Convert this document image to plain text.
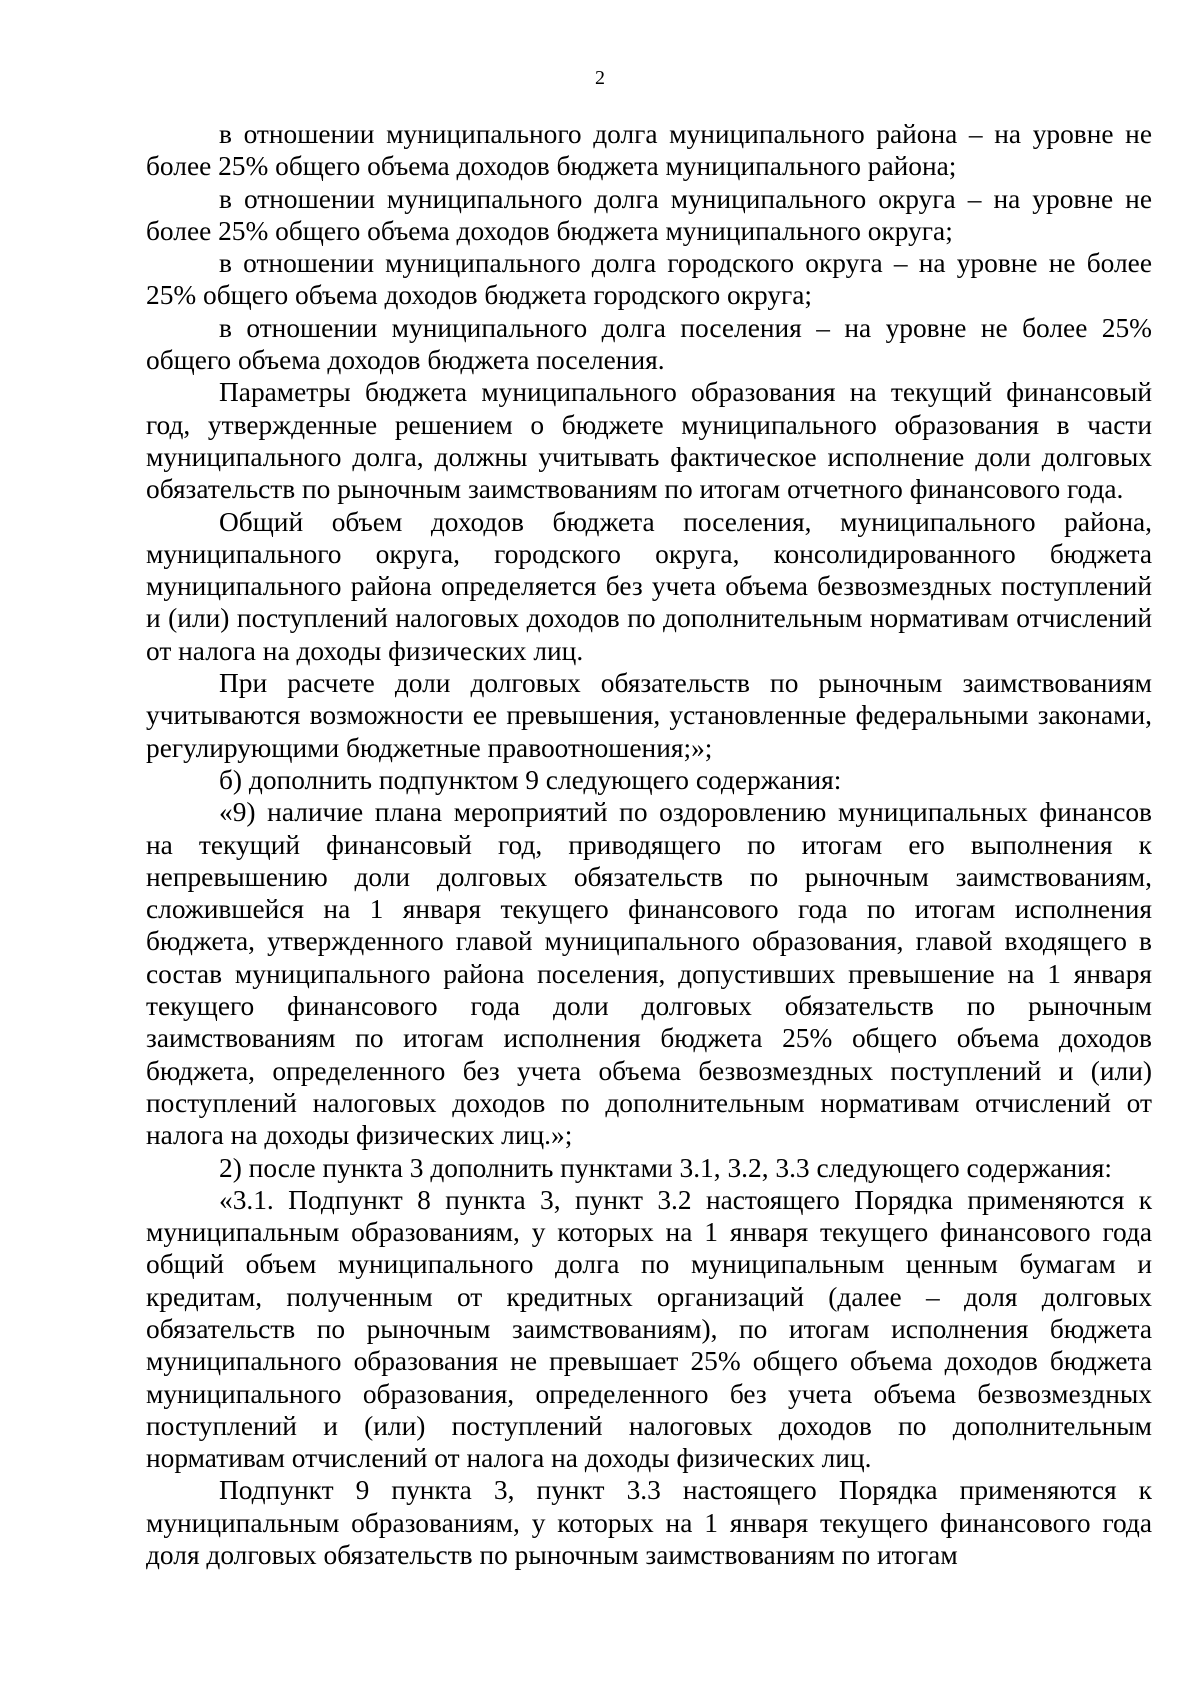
2

в отношении муниципального долга муниципального района – на уровне не более 25% общего объема доходов бюджета муниципального района;

в отношении муниципального долга муниципального округа – на уровне не более 25% общего объема доходов бюджета муниципального округа;

в отношении муниципального долга городского округа – на уровне не более 25% общего объема доходов бюджета городского округа;

в отношении муниципального долга поселения – на уровне не более 25% общего объема доходов бюджета поселения.

Параметры бюджета муниципального образования на текущий финансовый год, утвержденные решением о бюджете муниципального образования в части муниципального долга, должны учитывать фактическое исполнение доли долговых обязательств по рыночным заимствованиям по итогам отчетного финансового года.

Общий объем доходов бюджета поселения, муниципального района, муниципального округа, городского округа, консолидированного бюджета муниципального района определяется без учета объема безвозмездных поступлений и (или) поступлений налоговых доходов по дополнительным нормативам отчислений от налога на доходы физических лиц.

При расчете доли долговых обязательств по рыночным заимствованиям учитываются возможности ее превышения, установленные федеральными законами, регулирующими бюджетные правоотношения;»;

б) дополнить подпунктом 9 следующего содержания:

«9) наличие плана мероприятий по оздоровлению муниципальных финансов на текущий финансовый год, приводящего по итогам его выполнения к непревышению доли долговых обязательств по рыночным заимствованиям, сложившейся на 1 января текущего финансового года по итогам исполнения бюджета, утвержденного главой муниципального образования, главой входящего в состав муниципального района поселения, допустивших превышение на 1 января текущего финансового года доли долговых обязательств по рыночным заимствованиям по итогам исполнения бюджета 25% общего объема доходов бюджета, определенного без учета объема безвозмездных поступлений и (или) поступлений налоговых доходов по дополнительным нормативам отчислений от налога на доходы физических лиц.»;

2) после пункта 3 дополнить пунктами 3.1, 3.2, 3.3 следующего содержания:

«3.1. Подпункт 8 пункта 3, пункт 3.2 настоящего Порядка применяются к муниципальным образованиям, у которых на 1 января текущего финансового года общий объем муниципального долга по муниципальным ценным бумагам и кредитам, полученным от кредитных организаций (далее – доля долговых обязательств по рыночным заимствованиям), по итогам исполнения бюджета муниципального образования не превышает 25% общего объема доходов бюджета муниципального образования, определенного без учета объема безвозмездных поступлений и (или) поступлений налоговых доходов по дополнительным нормативам отчислений от налога на доходы физических лиц.

Подпункт 9 пункта 3, пункт 3.3 настоящего Порядка применяются к муниципальным образованиям, у которых на 1 января текущего финансового года доля долговых обязательств по рыночным заимствованиям по итогам
